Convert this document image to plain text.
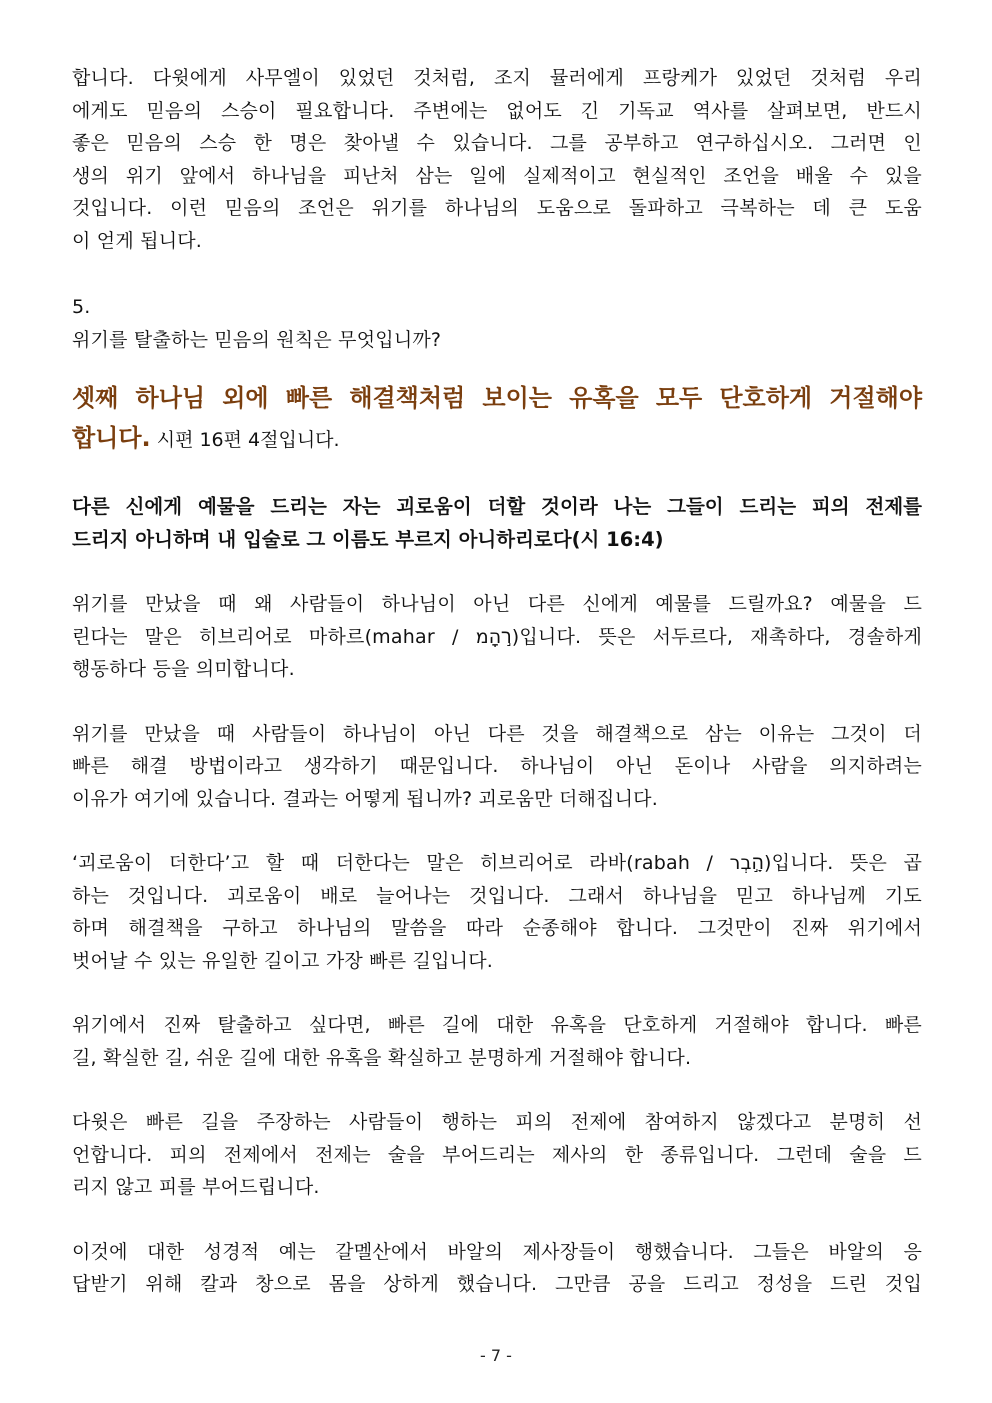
합니다. 다윗에게 사무엘이 있었던 것처럼, 조지 뮬러에게 프랑케가 있었던 것처럼 우리
에게도 믿음의 스승이 필요합니다. 주변에는 없어도 긴 기독교 역사를 살펴보면, 반드시
좋은 믿음의 스승 한 명은 찾아낼 수 있습니다. 그를 공부하고 연구하십시오. 그러면 인
생의 위기 앞에서 하나님을 피난처 삼는 일에 실제적이고 현실적인 조언을 배울 수 있을
것입니다. 이런 믿음의 조언은 위기를 하나님의 도움으로 돌파하고 극복하는 데 큰 도움
이 얻게 됩니다.
5.
위기를 탈출하는 믿음의 원칙은 무엇입니까?
셋째 하나님 외에 빠른 해결책처럼 보이는 유혹을 모두 단호하게 거절해야
합니다. 시편 16편 4절입니다.
다른 신에게 예물을 드리는 자는 괴로움이 더할 것이라 나는 그들이 드리는 피의 전제를
드리지 아니하며 내 입술로 그 이름도 부르지 아니하리로다(시 16:4)
위기를 만났을 때 왜 사람들이 하나님이 아닌 다른 신에게 예물를 드릴까요? 예물을 드
린다는 말은 히브리어로 마하르(mahar / ר֣הָמ)입니다. 뜻은 서두르다, 재촉하다, 경솔하게
행동하다 등을 의미합니다.
위기를 만났을 때 사람들이 하나님이 아닌 다른 것을 해결책으로 삼는 이유는 그것이 더
빠른 해결 방법이라고 생각하기 때문입니다. 하나님이 아닌 돈이나 사람을 의지하려는
이유가 여기에 있습니다. 결과는 어떻게 됩니까? 괴로움만 더해집니다.
‘괴로움이 더한다’고 할 때 더한다는 말은 히브리어로 라바(rabah / הָ֣בְר)입니다. 뜻은 곱
하는 것입니다. 괴로움이 배로 늘어나는 것입니다. 그래서 하나님을 믿고 하나님께 기도
하며 해결책을 구하고 하나님의 말씀을 따라 순종해야 합니다. 그것만이 진짜 위기에서
벗어날 수 있는 유일한 길이고 가장 빠른 길입니다.
위기에서 진짜 탈출하고 싶다면, 빠른 길에 대한 유혹을 단호하게 거절해야 합니다. 빠른
길, 확실한 길, 쉬운 길에 대한 유혹을 확실하고 분명하게 거절해야 합니다.
다윗은 빠른 길을 주장하는 사람들이 행하는 피의 전제에 참여하지 않겠다고 분명히 선
언합니다. 피의 전제에서 전제는 술을 부어드리는 제사의 한 종류입니다. 그런데 술을 드
리지 않고 피를 부어드립니다.
이것에 대한 성경적 예는 갈멜산에서 바알의 제사장들이 행했습니다. 그들은 바알의 응
답받기 위해 칼과 창으로 몸을 상하게 했습니다. 그만큼 공을 드리고 정성을 드린 것입
- 7 -
